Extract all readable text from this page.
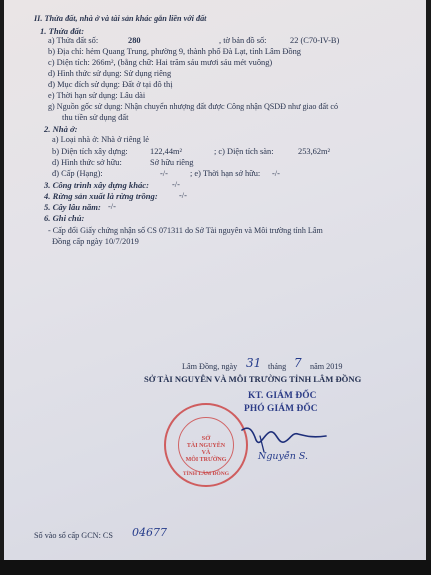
II. Thửa đất, nhà ở và tài sản khác gắn liền với đất
1. Thửa đất:
a) Thửa đất số:	280	, tờ bản đồ số:	22 (C70-IV-B)
b) Địa chỉ: hẻm Quang Trung, phường 9, thành phố Đà Lạt, tỉnh Lâm Đồng
c) Diện tích: 266m², (bằng chữ: Hai trăm sáu mươi sáu mét vuông)
d) Hình thức sử dụng: Sử dụng riêng
đ) Mục đích sử dụng: Đất ở tại đô thị
e) Thời hạn sử dụng: Lâu dài
g) Nguồn gốc sử dụng: Nhận chuyển nhượng đất được Công nhận QSDĐ như giao đất có
thu tiền sử dụng đất
2. Nhà ở:
a) Loại nhà ở: Nhà ở riêng lẻ
b) Diện tích xây dựng:	122,44m²	; c) Diện tích sàn:	253,62m²
d) Hình thức sở hữu:	Sở hữu riêng
đ) Cấp (Hạng):	-/-	; e) Thời hạn sở hữu: -/-
3. Công trình xây dựng khác:	-/-
4. Rừng sản xuất là rừng trồng:	-/-
5. Cây lâu năm: -/-
6. Ghi chú:
- Cấp đổi Giấy chứng nhận số CS 071311 do Sở Tài nguyên và Môi trường tỉnh Lâm
Đồng cấp ngày 10/7/2019
Lâm Đồng, ngày 31 tháng 7 năm 2019
SỞ TÀI NGUYÊN VÀ MÔI TRƯỜNG TỈNH LÂM ĐỒNG
KT. GIÁM ĐỐC
PHÓ GIÁM ĐỐC
SỞ
TÀI NGUYÊN
VÀ
MÔI TRƯỜNG
TỈNH LÂM ĐỒNG
Nguyễn S.
Số vào sổ cấp GCN: CS 04677
